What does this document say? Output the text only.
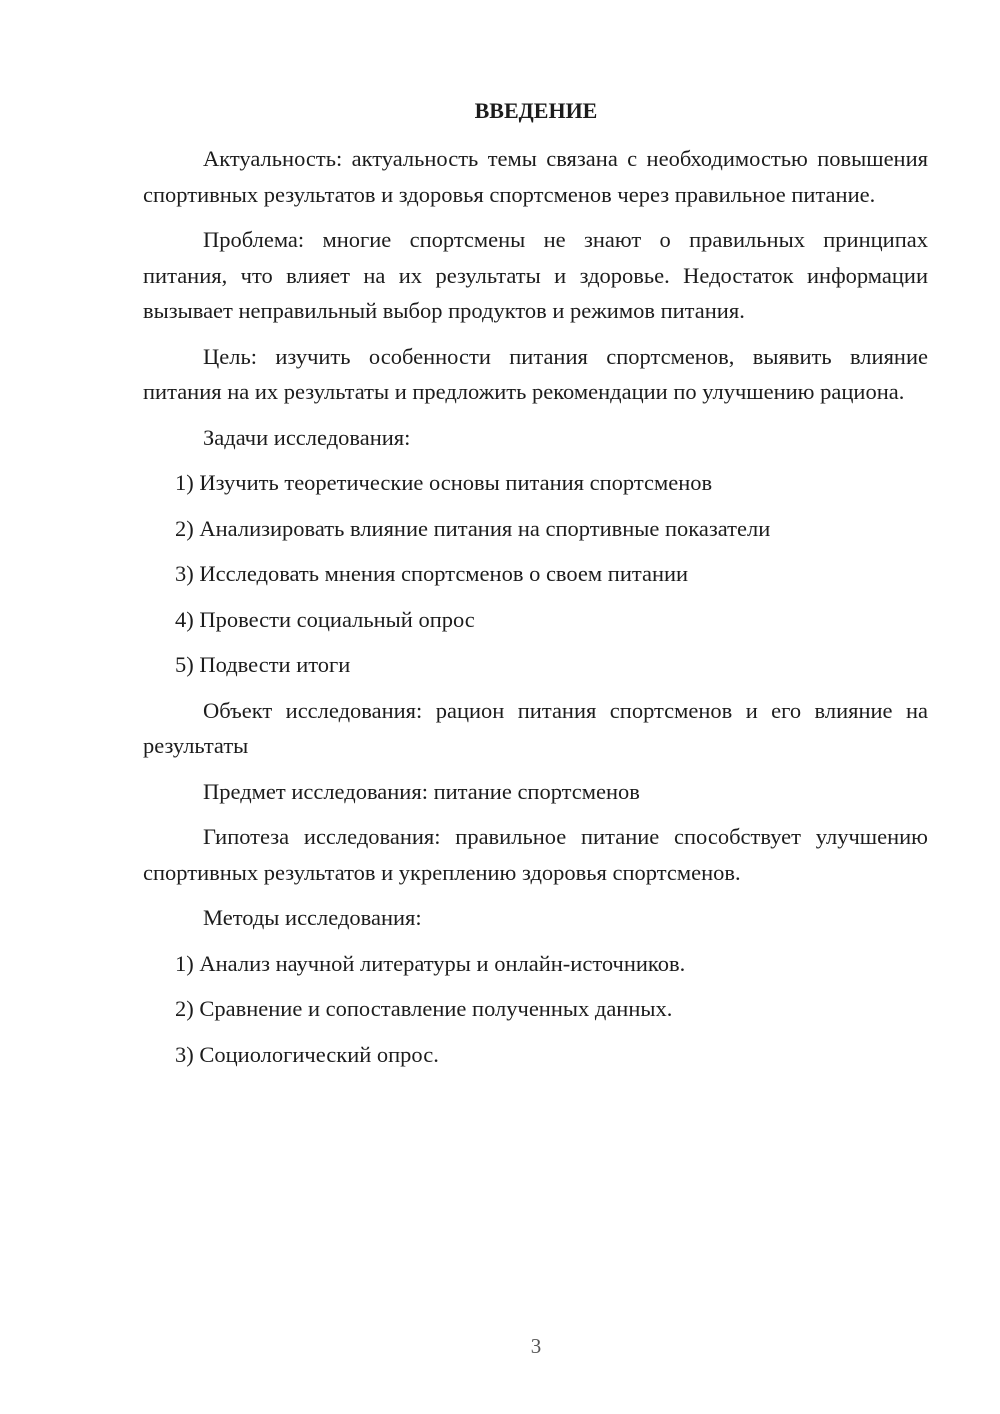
ВВЕДЕНИЕ

Актуальность: актуальность темы связана с необходимостью повышения спортивных результатов и здоровья спортсменов через правильное питание.

Проблема: многие спортсмены не знают о правильных принципах питания, что влияет на их результаты и здоровье. Недостаток информации вызывает неправильный выбор продуктов и режимов питания.

Цель: изучить особенности питания спортсменов, выявить влияние питания на их результаты и предложить рекомендации по улучшению рациона.

Задачи исследования:

1) Изучить теоретические основы питания спортсменов
2) Анализировать влияние питания на спортивные показатели
3) Исследовать мнения спортсменов о своем питании
4) Провести социальный опрос
5) Подвести итоги

Объект исследования: рацион питания спортсменов и его влияние на результаты

Предмет исследования: питание спортсменов

Гипотеза исследования: правильное питание способствует улучшению спортивных результатов и укреплению здоровья спортсменов.

Методы исследования:

1) Анализ научной литературы и онлайн-источников.
2) Сравнение и сопоставление полученных данных.
3) Социологический опрос.
3
